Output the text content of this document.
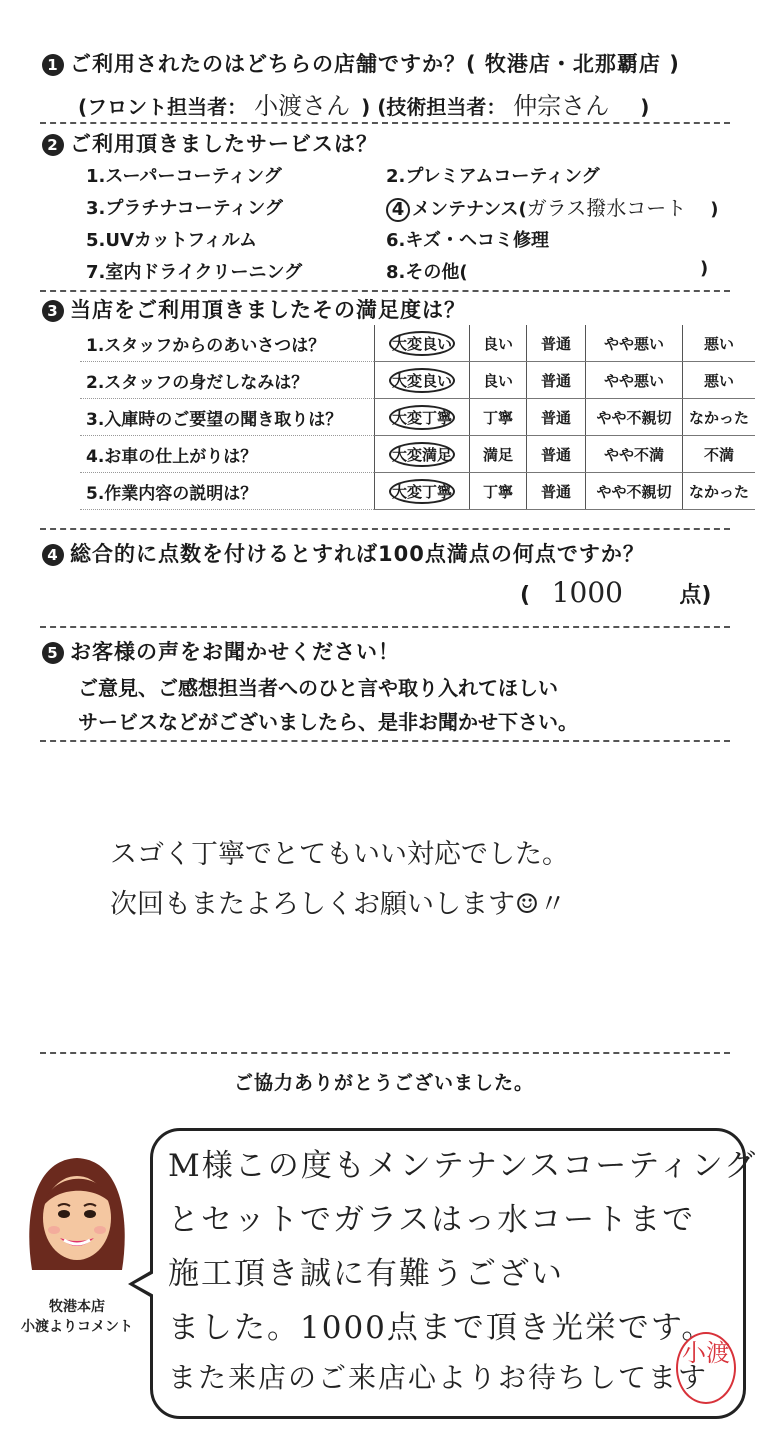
1 ご利用されたのはどちらの店舗ですか？( 牧港店・北那覇店 )
(フロント担当者： 小渡さん ) (技術担当者： 仲宗さん )
2 ご利用頂きましたサービスは？
1.スーパーコーティング	2.プレミアムコーティング
3.プラチナコーティング	4 メンテナンス(ガラス撥水コート )
5.UVカットフィルム	6.キズ・ヘコミ修理
7.室内ドライクリーニング	8.その他(	)
3 当店をご利用頂きましたその満足度は？
1.スタッフからのあいさつは？	大変良い	良い	普通	やや悪い	悪い
2.スタッフの身だしなみは？	大変良い	良い	普通	やや悪い	悪い
3.入庫時のご要望の聞き取りは？	大変丁寧	丁寧	普通	やや不親切	なかった
4.お車の仕上がりは？	大変満足	満足	普通	やや不満	不満
5.作業内容の説明は？	大変丁寧	丁寧	普通	やや不親切	なかった
4 総合的に点数を付けるとすれば100点満点の何点ですか？
( 1000	点)
5 お客様の声をお聞かせください！
ご意見、ご感想担当者へのひと言や取り入れてほしい
サービスなどがございましたら、是非お聞かせ下さい。
スゴく丁寧でとてもいい対応でした。
次回もまたよろしくお願いします☺〃
ご協力ありがとうございました。
牧港本店
小渡よりコメント
M様この度もメンテナンスコーティング
とセットでガラスはっ水コートまで
施工頂き誠に有難うござい
ました。1000点まで頂き光栄です。
また来店のご来店心よりお待ちしてます
小渡
